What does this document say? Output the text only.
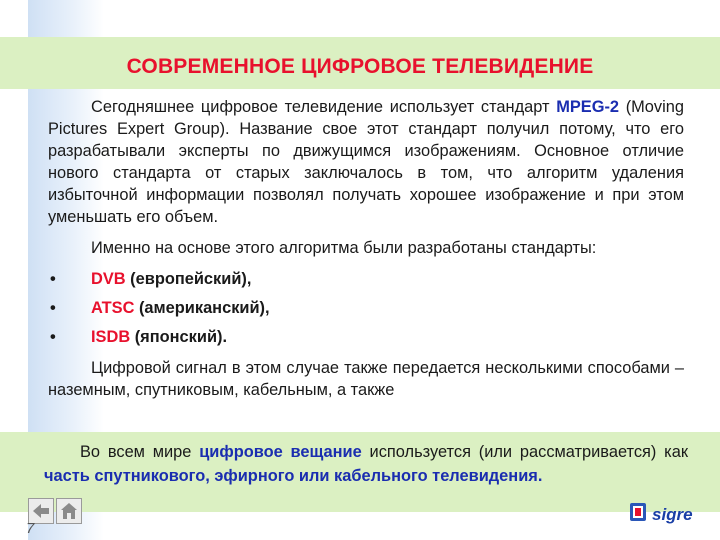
СОВРЕМЕННОЕ ЦИФРОВОЕ ТЕЛЕВИДЕНИЕ

Сегодняшнее цифровое телевидение использует стандарт MPEG-2 (Moving Pictures Expert Group). Название свое этот стандарт получил потому, что его разрабатывали эксперты по движущимся изображениям. Основное отличие нового стандарта от старых заключалось в том, что алгоритм удаления избыточной информации позволял получать хорошее изображение и при этом уменьшать его объем.

Именно на основе этого алгоритма были разработаны стандарты:

• DVB (европейский),
• ATSC (американский),
• ISDB (японский).

Цифровой сигнал в этом случае также передается несколькими способами – наземным, спутниковым, кабельным, а также

Во всем мире цифровое вещание используется (или рассматривается) как часть спутникового, эфирного или кабельного телевидения.

7
sigre
